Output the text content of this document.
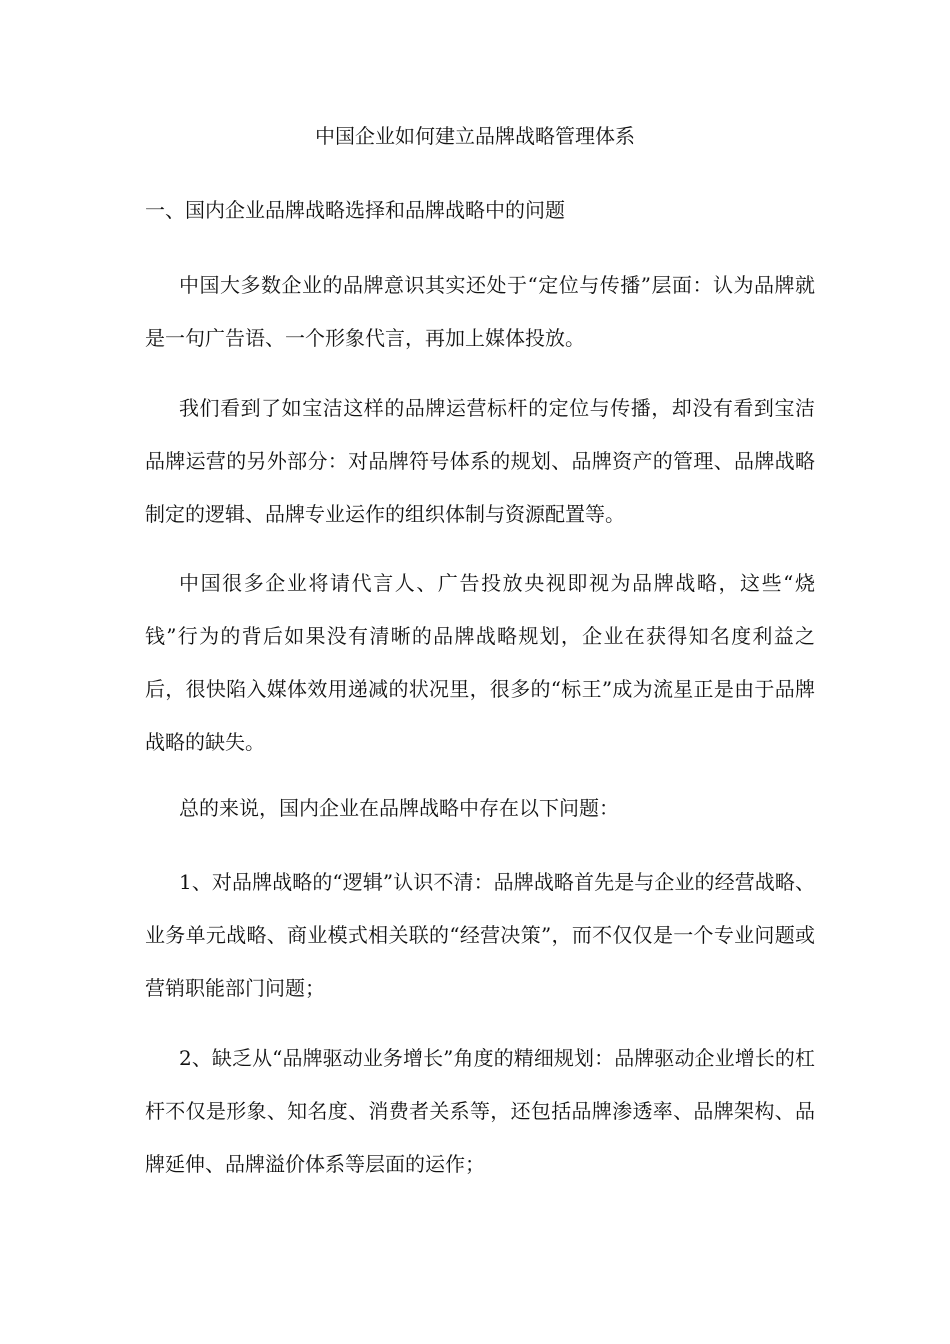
中国企业如何建立品牌战略管理体系
一、国内企业品牌战略选择和品牌战略中的问题

中国大多数企业的品牌意识其实还处于“定位与传播”层面：认为品牌就是一句广告语、一个形象代言，再加上媒体投放。

我们看到了如宝洁这样的品牌运营标杆的定位与传播，却没有看到宝洁品牌运营的另外部分：对品牌符号体系的规划、品牌资产的管理、品牌战略制定的逻辑、品牌专业运作的组织体制与资源配置等。

中国很多企业将请代言人、广告投放央视即视为品牌战略，这些“烧钱”行为的背后如果没有清晰的品牌战略规划，企业在获得知名度利益之后，很快陷入媒体效用递减的状况里，很多的“标王”成为流星正是由于品牌战略的缺失。

总的来说，国内企业在品牌战略中存在以下问题：

1、对品牌战略的“逻辑”认识不清：品牌战略首先是与企业的经营战略、业务单元战略、商业模式相关联的“经营决策”，而不仅仅是一个专业问题或营销职能部门问题；

2、缺乏从“品牌驱动业务增长”角度的精细规划：品牌驱动企业增长的杠杆不仅是形象、知名度、消费者关系等，还包括品牌渗透率、品牌架构、品牌延伸、品牌溢价体系等层面的运作；
